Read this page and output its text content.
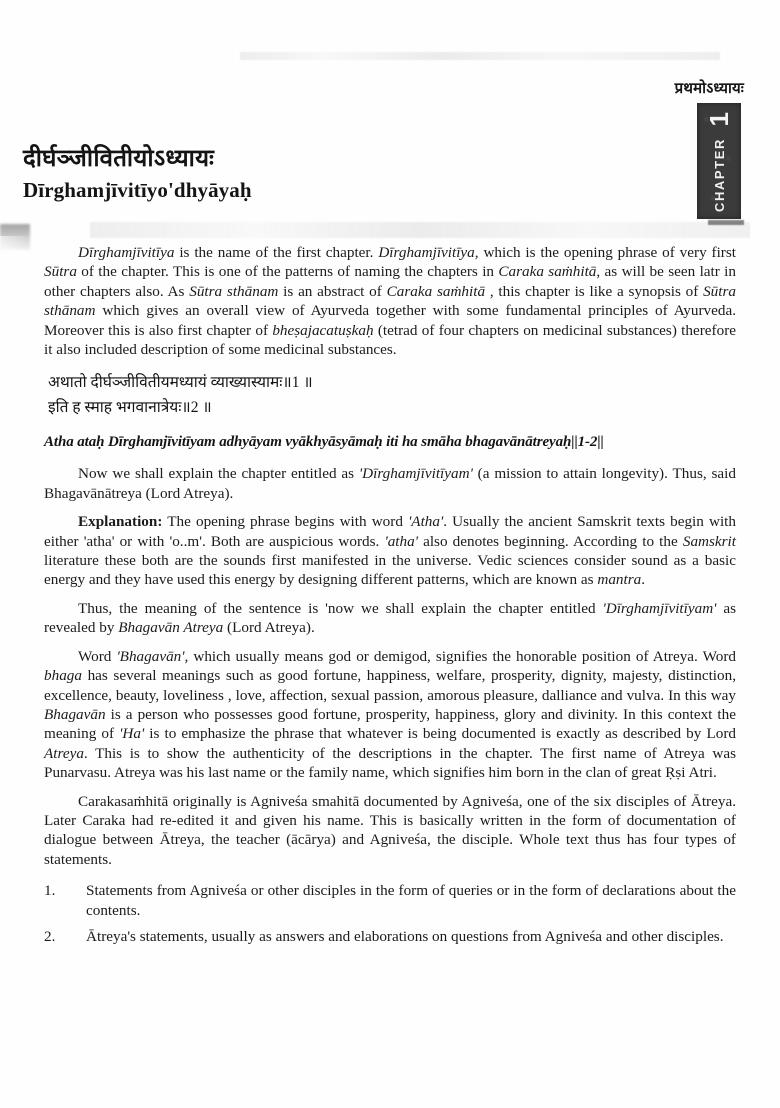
प्रथमोऽध्यायः
1
CHAPTER
दीर्घञ्जीवितीयोऽध्यायः
Dīrghamjīvitīyo'dhyāyaḥ

Dīrghamjīvitīya is the name of the first chapter. Dīrghamjīvitīya, which is the opening phrase of very first Sūtra of the chapter. This is one of the patterns of naming the chapters in Caraka saṁhitā, as will be seen latr in other chapters also. As Sūtra sthānam is an abstract of Caraka saṁhitā , this chapter is like a synopsis of Sūtra sthānam which gives an overall view of Ayurveda together with some fundamental principles of Ayurveda. Moreover this is also first chapter of bheṣajacatuṣkaḥ (tetrad of four chapters on medicinal substances) therefore it also included description of some medicinal substances.

अथातो दीर्घञ्जीवितीयमध्यायं व्याख्यास्यामः॥1 ॥
इति ह स्माह भगवानात्रेयः॥2 ॥
Atha ataḥ Dīrghamjīvitīyam adhyāyam vyākhyāsyāmaḥ iti ha smāha bhagavānātreyaḥ||1-2||

Now we shall explain the chapter entitled as 'Dīrghamjīvitīyam' (a mission to attain longevity). Thus, said Bhagavānātreya (Lord Atreya).

Explanation: The opening phrase begins with word 'Atha'. Usually the ancient Samskrit texts begin with either 'atha' or with 'o..m'. Both are auspicious words. 'atha' also denotes beginning. According to the Samskrit literature these both are the sounds first manifested in the universe. Vedic sciences consider sound as a basic energy and they have used this energy by designing different patterns, which are known as mantra.

Thus, the meaning of the sentence is 'now we shall explain the chapter entitled 'Dīrghamjīvitīyam' as revealed by Bhagavān Atreya (Lord Atreya).

Word 'Bhagavān', which usually means god or demigod, signifies the honorable position of Atreya. Word bhaga has several meanings such as good fortune, happiness, welfare, prosperity, dignity, majesty, distinction, excellence, beauty, loveliness , love, affection, sexual passion, amorous pleasure, dalliance and vulva. In this way Bhagavān is a person who possesses good fortune, prosperity, happiness, glory and divinity. In this context the meaning of 'Ha' is to emphasize the phrase that whatever is being documented is exactly as described by Lord Atreya. This is to show the authenticity of the descriptions in the chapter. The first name of Atreya was Punarvasu. Atreya was his last name or the family name, which signifies him born in the clan of great Ṛṣi Atri.

Carakasaṁhitā originally is Agniveśa smahitā documented by Agniveśa, one of the six disciples of Ātreya. Later Caraka had re-edited it and given his name. This is basically written in the form of documentation of dialogue between Ātreya, the teacher (ācārya) and Agniveśa, the disciple. Whole text thus has four types of statements.

1.	Statements from Agniveśa or other disciples in the form of queries or in the form of declarations about the contents.
2.	Ātreya's statements, usually as answers and elaborations on questions from Agniveśa and other disciples.
